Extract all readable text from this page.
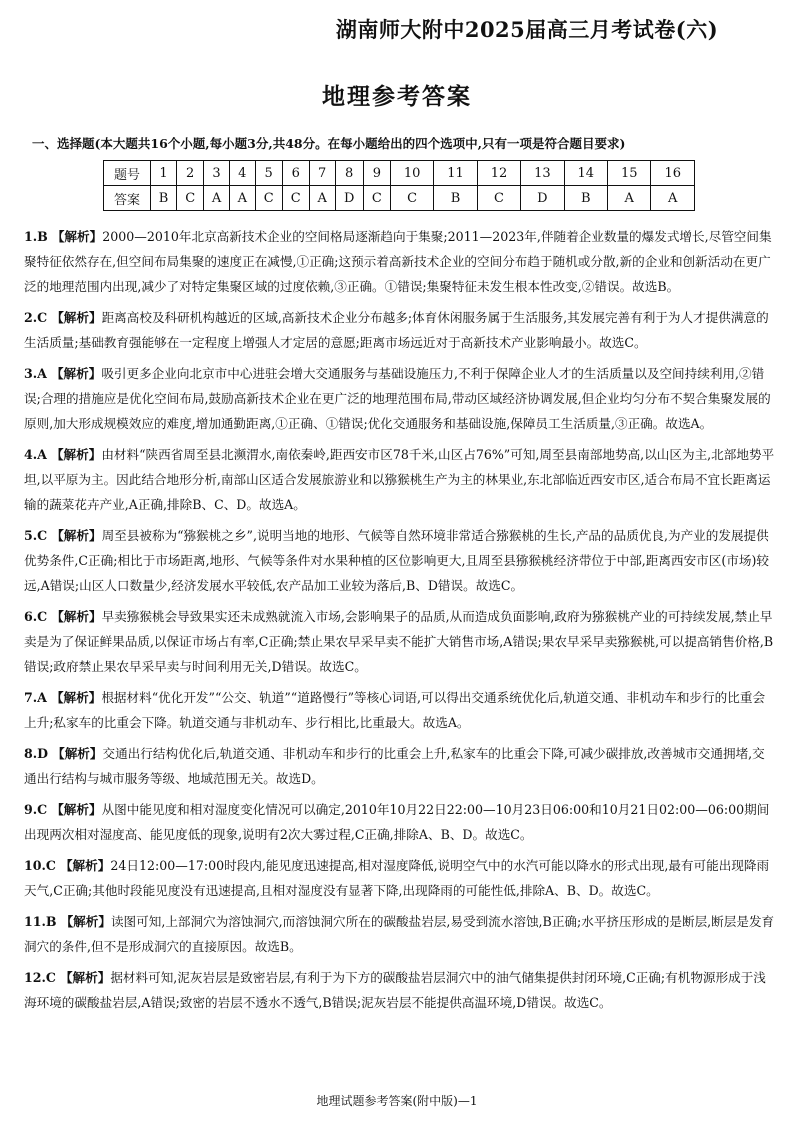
湖南师大附中2025届高三月考试卷(六)
地理参考答案
一、选择题(本大题共16个小题,每小题3分,共48分。在每小题给出的四个选项中,只有一项是符合题目要求)
题号	1	2	3	4	5	6	7	8	9	10	11	12	13	14	15	16
答案	B	C	A	A	C	C	A	D	C	C	B	C	D	B	A	A
1.B 【解析】2000—2010年北京高新技术企业的空间格局逐渐趋向于集聚;2011—2023年,伴随着企业数量的爆发式增长,尽管空间集聚特征依然存在,但空间布局集聚的速度正在减慢,①正确;这预示着高新技术企业的空间分布趋于随机或分散,新的企业和创新活动在更广泛的地理范围内出现,减少了对特定集聚区域的过度依赖,③正确。①错误;集聚特征未发生根本性改变,②错误。故选B。
2.C 【解析】距离高校及科研机构越近的区域,高新技术企业分布越多;体育休闲服务属于生活服务,其发展完善有利于为人才提供满意的生活质量;基础教育强能够在一定程度上增强人才定居的意愿;距离市场远近对于高新技术产业影响最小。故选C。
3.A 【解析】吸引更多企业向北京市中心进驻会增大交通服务与基础设施压力,不利于保障企业人才的生活质量以及空间持续利用,②错误;合理的措施应是优化空间布局,鼓励高新技术企业在更广泛的地理范围布局,带动区域经济协调发展,但企业均匀分布不契合集聚发展的原则,加大形成规模效应的难度,增加通勤距离,①正确、①错误;优化交通服务和基础设施,保障员工生活质量,③正确。故选A。
4.A 【解析】由材料“陕西省周至县北濒渭水,南依秦岭,距西安市区78千米,山区占76%”可知,周至县南部地势高,以山区为主,北部地势平坦,以平原为主。因此结合地形分析,南部山区适合发展旅游业和以猕猴桃生产为主的林果业,东北部临近西安市区,适合布局不宜长距离运输的蔬菜花卉产业,A正确,排除B、C、D。故选A。
5.C 【解析】周至县被称为“猕猴桃之乡”,说明当地的地形、气候等自然环境非常适合猕猴桃的生长,产品的品质优良,为产业的发展提供优势条件,C正确;相比于市场距离,地形、气候等条件对水果种植的区位影响更大,且周至县猕猴桃经济带位于中部,距离西安市区(市场)较远,A错误;山区人口数量少,经济发展水平较低,农产品加工业较为落后,B、D错误。故选C。
6.C 【解析】早卖猕猴桃会导致果实还未成熟就流入市场,会影响果子的品质,从而造成负面影响,政府为猕猴桃产业的可持续发展,禁止早卖是为了保证鲜果品质,以保证市场占有率,C正确;禁止果农早采早卖不能扩大销售市场,A错误;果农早采早卖猕猴桃,可以提高销售价格,B错误;政府禁止果农早采早卖与时间利用无关,D错误。故选C。
7.A 【解析】根据材料“优化开发”“公交、轨道”“道路慢行”等核心词语,可以得出交通系统优化后,轨道交通、非机动车和步行的比重会上升;私家车的比重会下降。轨道交通与非机动车、步行相比,比重最大。故选A。
8.D 【解析】交通出行结构优化后,轨道交通、非机动车和步行的比重会上升,私家车的比重会下降,可减少碳排放,改善城市交通拥堵,交通出行结构与城市服务等级、地域范围无关。故选D。
9.C 【解析】从图中能见度和相对湿度变化情况可以确定,2010年10月22日22:00—10月23日06:00和10月21日02:00—06:00期间出现两次相对湿度高、能见度低的现象,说明有2次大雾过程,C正确,排除A、B、D。故选C。
10.C 【解析】24日12:00—17:00时段内,能见度迅速提高,相对湿度降低,说明空气中的水汽可能以降水的形式出现,最有可能出现降雨天气,C正确;其他时段能见度没有迅速提高,且相对湿度没有显著下降,出现降雨的可能性低,排除A、B、D。故选C。
11.B 【解析】读图可知,上部洞穴为溶蚀洞穴,而溶蚀洞穴所在的碳酸盐岩层,易受到流水溶蚀,B正确;水平挤压形成的是断层,断层是发育洞穴的条件,但不是形成洞穴的直接原因。故选B。
12.C 【解析】据材料可知,泥灰岩层是致密岩层,有利于为下方的碳酸盐岩层洞穴中的油气储集提供封闭环境,C正确;有机物源形成于浅海环境的碳酸盐岩层,A错误;致密的岩层不透水不透气,B错误;泥灰岩层不能提供高温环境,D错误。故选C。
地理试题参考答案(附中版)—1
